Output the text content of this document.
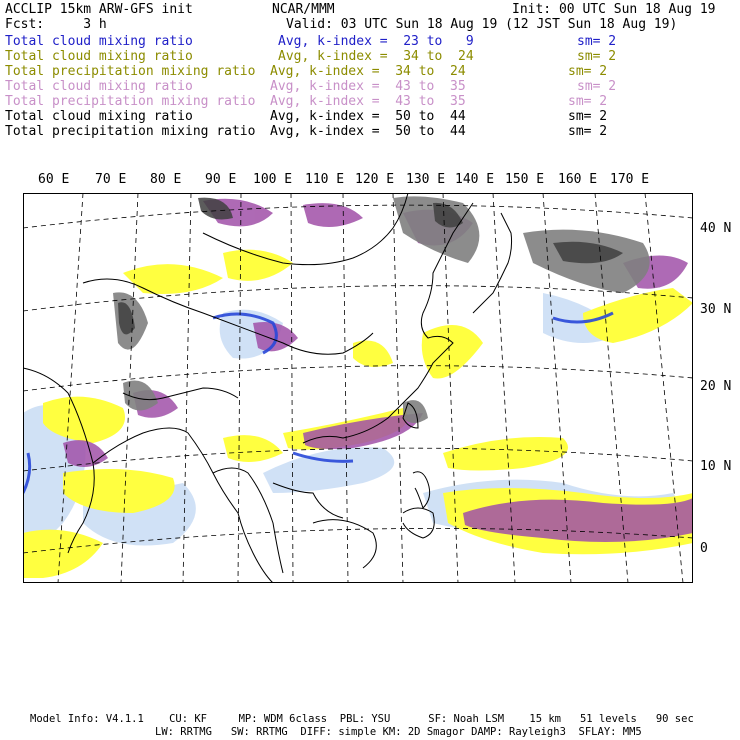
ACCLIP 15km ARW-GFS init	NCAR/MMM	Init: 00 UTC Sun 18 Aug 19
Fcst:     3 h	Valid: 03 UTC Sun 18 Aug 19 (12 JST Sun 18 Aug 19)
Total cloud mixing ratio	Avg, k-index =  23 to   9	sm= 2
Total cloud mixing ratio	Avg, k-index =  34 to  24	sm= 2
Total precipitation mixing ratio Avg, k-index =  34 to  24	sm= 2
Total cloud mixing ratio	Avg, k-index =  43 to  35	sm= 2
Total precipitation mixing ratio Avg, k-index =  43 to  35	sm= 2
Total cloud mixing ratio	Avg, k-index =  50 to  44	sm= 2
Total precipitation mixing ratio Avg, k-index =  50 to  44	sm= 2
60 E 70 E 80 E 90 E 100 E 110 E 120 E 130 E 140 E 150 E 160 E 170 E
40 N
30 N
20 N
10 N
0
Model Info: V4.1.1    CU: KF     MP: WDM 6class  PBL: YSU      SF: Noah LSM    15 km   51 levels   90 sec
LW: RRTMG   SW: RRTMG  DIFF: simple KM: 2D Smagor DAMP: Rayleigh3  SFLAY: MM5
